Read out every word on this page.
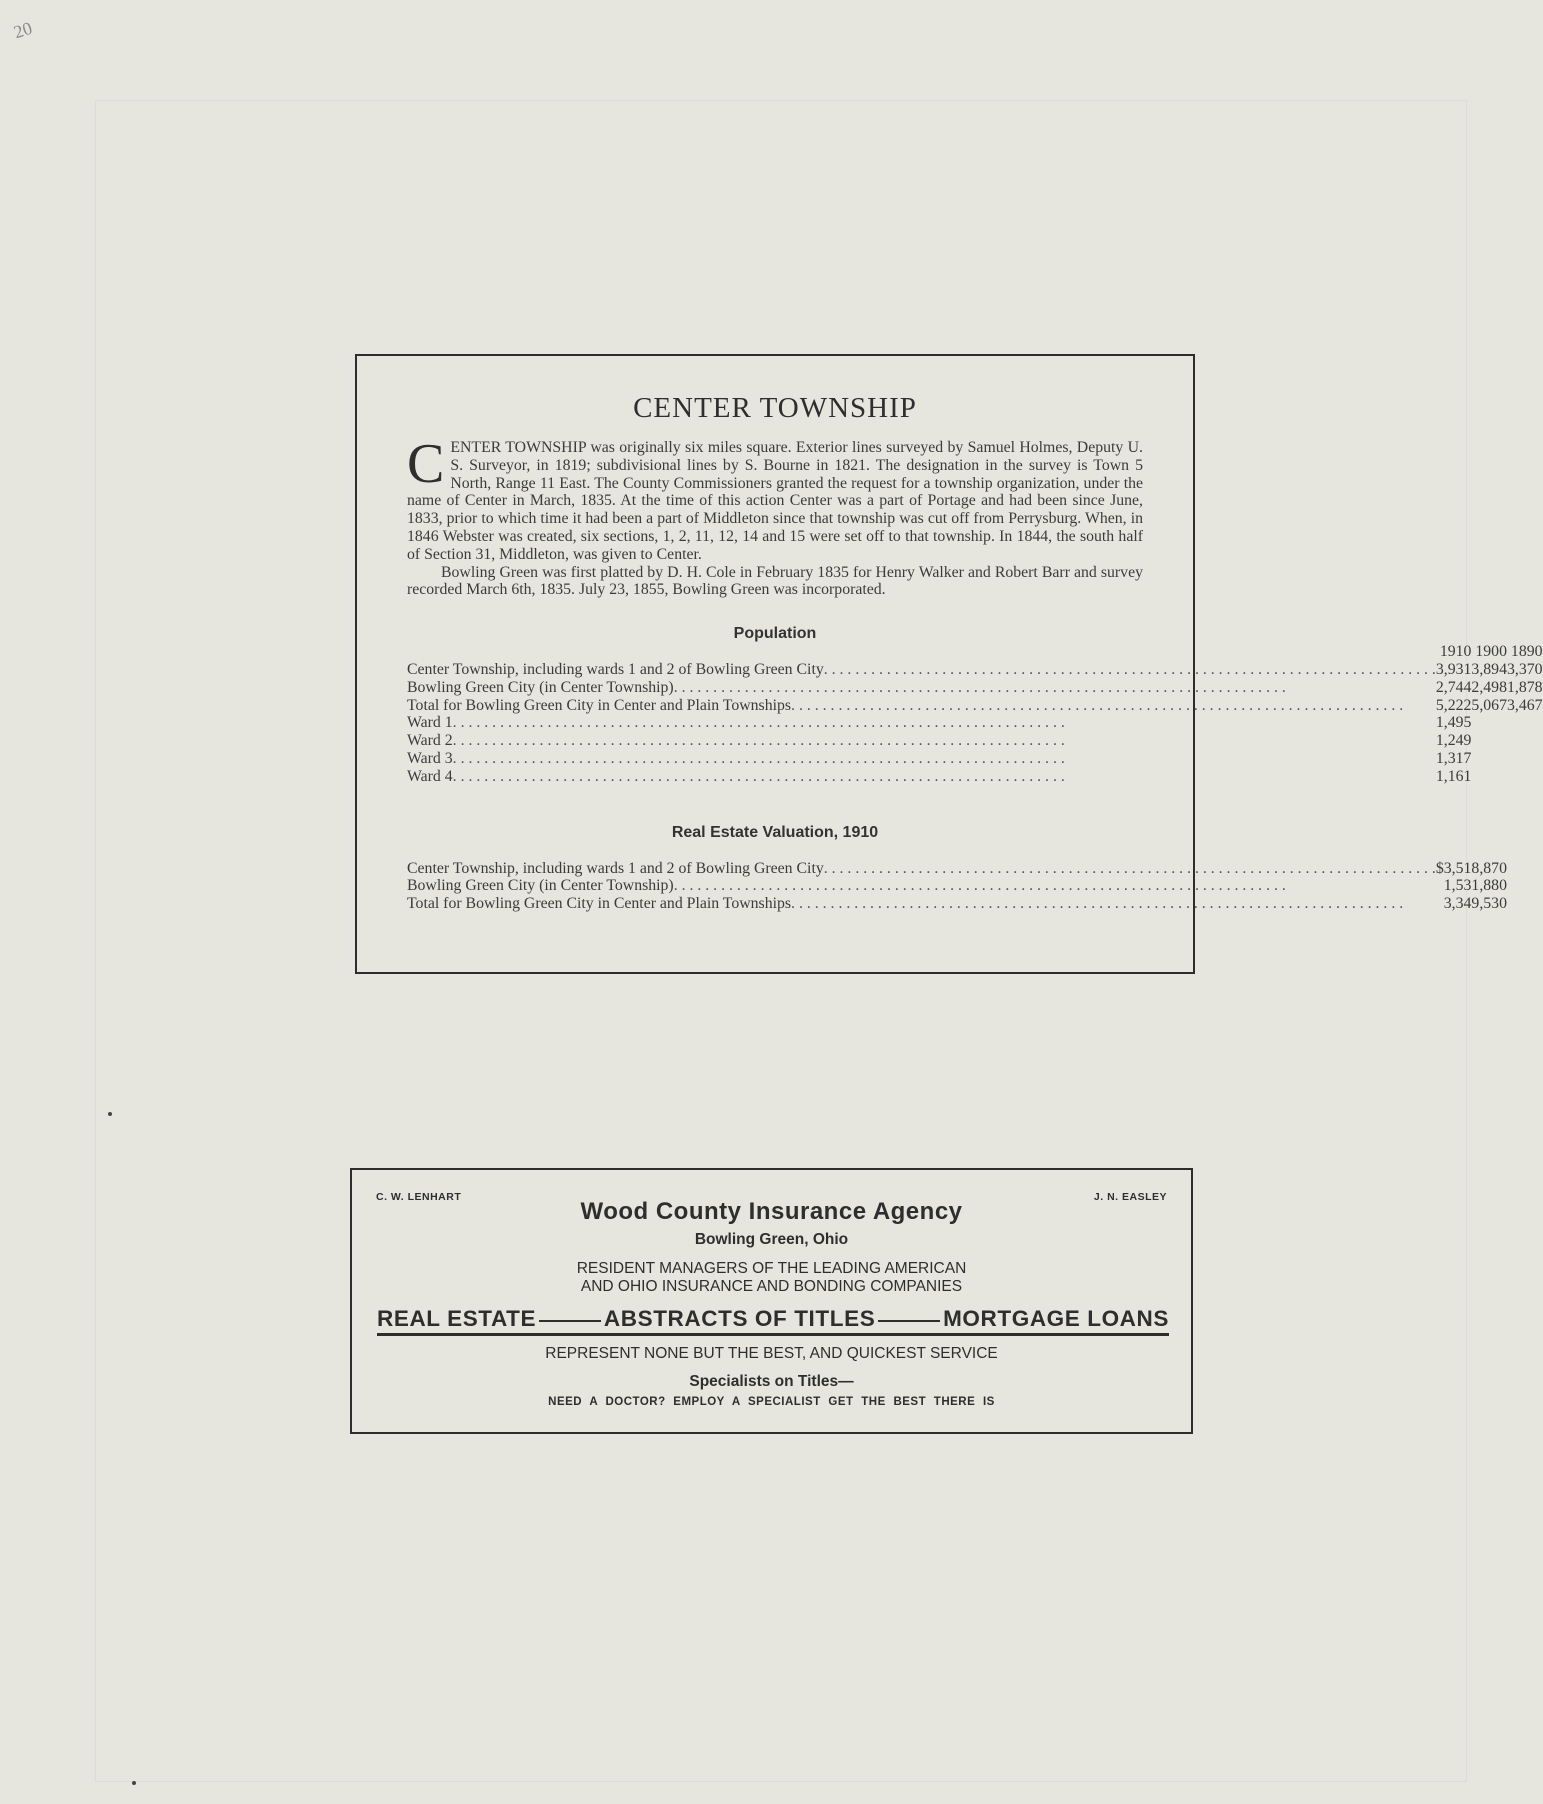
20
CENTER TOWNSHIP

CENTER TOWNSHIP was originally six miles square. Exterior lines surveyed by Samuel Holmes, Deputy U. S. Surveyor, in 1819; subdivisional lines by S. Bourne in 1821. The designation in the survey is Town 5 North, Range 11 East. The County Commissioners granted the request for a township organization, under the name of Center in March, 1835. At the time of this action Center was a part of Portage and had been since June, 1833, prior to which time it had been a part of Middleton since that township was cut off from Perrysburg. When, in 1846 Webster was created, six sections, 1, 2, 11, 12, 14 and 15 were set off to that township. In 1844, the south half of Section 31, Middleton, was given to Center.

Bowling Green was first platted by D. H. Cole in February 1835 for Henry Walker and Robert Barr and survey recorded March 6th, 1835. July 23, 1855, Bowling Green was incorporated.

Population
	1910	1900	1890

Center Township, including wards 1 and 2 of Bowling Green City
. . .	3,931	3,894	3,370

Bowling Green City (in Center Township)
. . .	2,744	2,498	1,878

Total for Bowling Green City in Center and Plain Townships
. . .	5,222	5,067	3,467

Ward 1
. . .	1,495		

Ward 2
. . .	1,249		

Ward 3
. . .	1,317		

Ward 4
. . .	1,161		
Real Estate Valuation, 1910
Center Township, including wards 1 and 2 of Bowling Green City
. . .	$	3,518,870

Bowling Green City (in Center Township)
. . .		1,531,880

Total for Bowling Green City in Center and Plain Townships
. . .		3,349,530
C. W. LENHART	J. N. EASLEY
Wood County Insurance Agency
Bowling Green, Ohio
RESIDENT MANAGERS OF THE LEADING AMERICAN
AND OHIO INSURANCE AND BONDING COMPANIES
REAL ESTATE	ABSTRACTS OF TITLES	MORTGAGE LOANS
REPRESENT NONE BUT THE BEST, AND QUICKEST SERVICE
Specialists on Titles—
NEED A DOCTOR? EMPLOY A SPECIALIST GET THE BEST THERE IS
